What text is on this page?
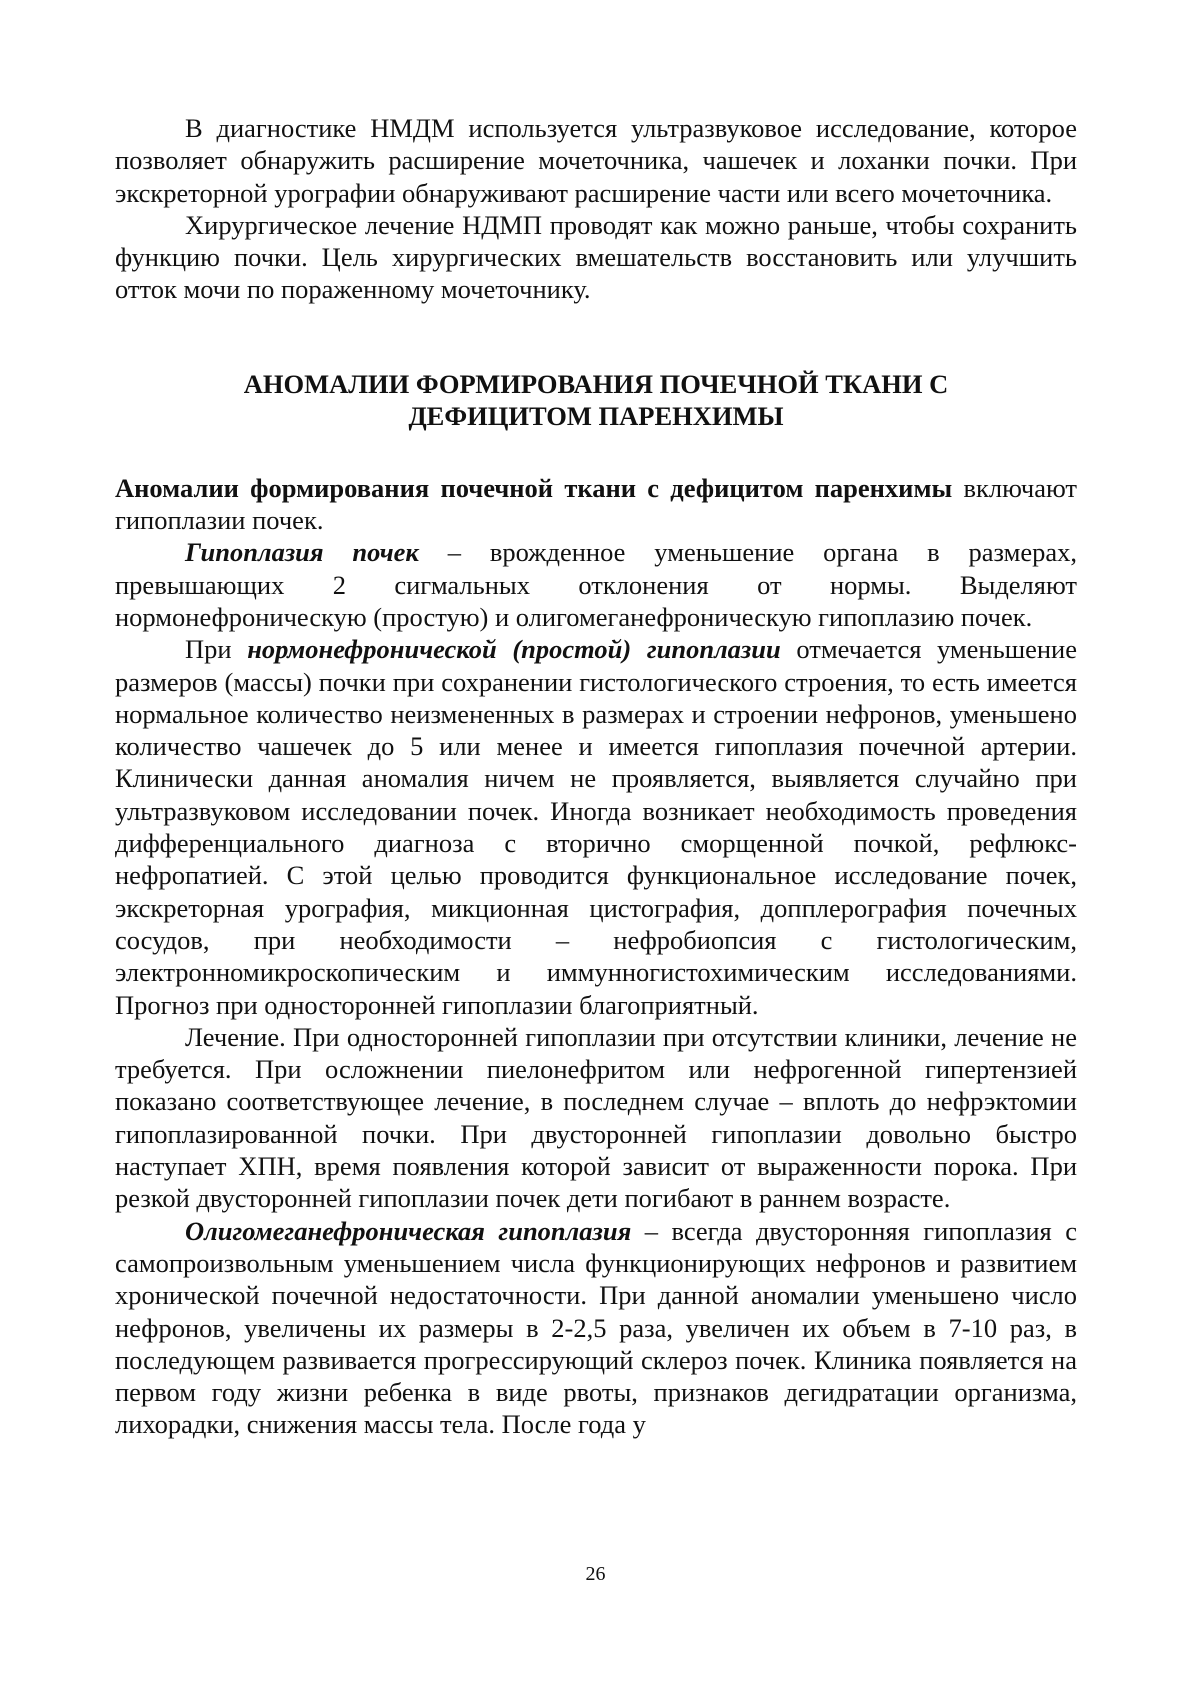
В диагностике НМДМ используется ультразвуковое исследование, которое позволяет обнаружить расширение мочеточника, чашечек и лоханки почки. При экскреторной урографии обнаруживают расширение части или всего мочеточника.

Хирургическое лечение НДМП проводят как можно раньше, чтобы сохранить функцию почки. Цель хирургических вмешательств восстановить или улучшить отток мочи по пораженному мочеточнику.

АНОМАЛИИ ФОРМИРОВАНИЯ ПОЧЕЧНОЙ ТКАНИ С

ДЕФИЦИТОМ ПАРЕНХИМЫ

Аномалии формирования почечной ткани с дефицитом паренхимы включают гипоплазии почек.

Гипоплазия почек – врожденное уменьшение органа в размерах, превышающих 2 сигмальных отклонения от нормы. Выделяют нормонефроническую (простую) и олигомеганефроническую гипоплазию почек.

При нормонефронической (простой) гипоплазии отмечается уменьшение размеров (массы) почки при сохранении гистологического строения, то есть имеется нормальное количество неизмененных в размерах и строении нефронов, уменьшено количество чашечек до 5 или менее и имеется гипоплазия почечной артерии. Клинически данная аномалия ничем не проявляется, выявляется случайно при ультразвуковом исследовании почек. Иногда возникает необходимость проведения дифференциального диагноза с вторично сморщенной почкой, рефлюкс-нефропатией. С этой целью проводится функциональное исследование почек, экскреторная урография, микционная цистография, допплерография почечных сосудов, при необходимости – нефробиопсия с гистологическим, электронномикроскопическим и иммунногистохимическим исследованиями. Прогноз при односторонней гипоплазии благоприятный.

Лечение. При односторонней гипоплазии при отсутствии клиники, лечение не требуется. При осложнении пиелонефритом или нефрогенной гипертензией показано соответствующее лечение, в последнем случае – вплоть до нефрэктомии гипоплазированной почки. При двусторонней гипоплазии довольно быстро наступает ХПН, время появления которой зависит от выраженности порока. При резкой двусторонней гипоплазии почек дети погибают в раннем возрасте.

Олигомеганефроническая гипоплазия – всегда двусторонняя гипоплазия с самопроизвольным уменьшением числа функционирующих нефронов и развитием хронической почечной недостаточности. При данной аномалии уменьшено число нефронов, увеличены их размеры в 2-2,5 раза, увеличен их объем в 7-10 раз, в последующем развивается прогрессирующий склероз почек. Клиника появляется на первом году жизни ребенка в виде рвоты, признаков дегидратации организма, лихорадки, снижения массы тела. После года у

26
